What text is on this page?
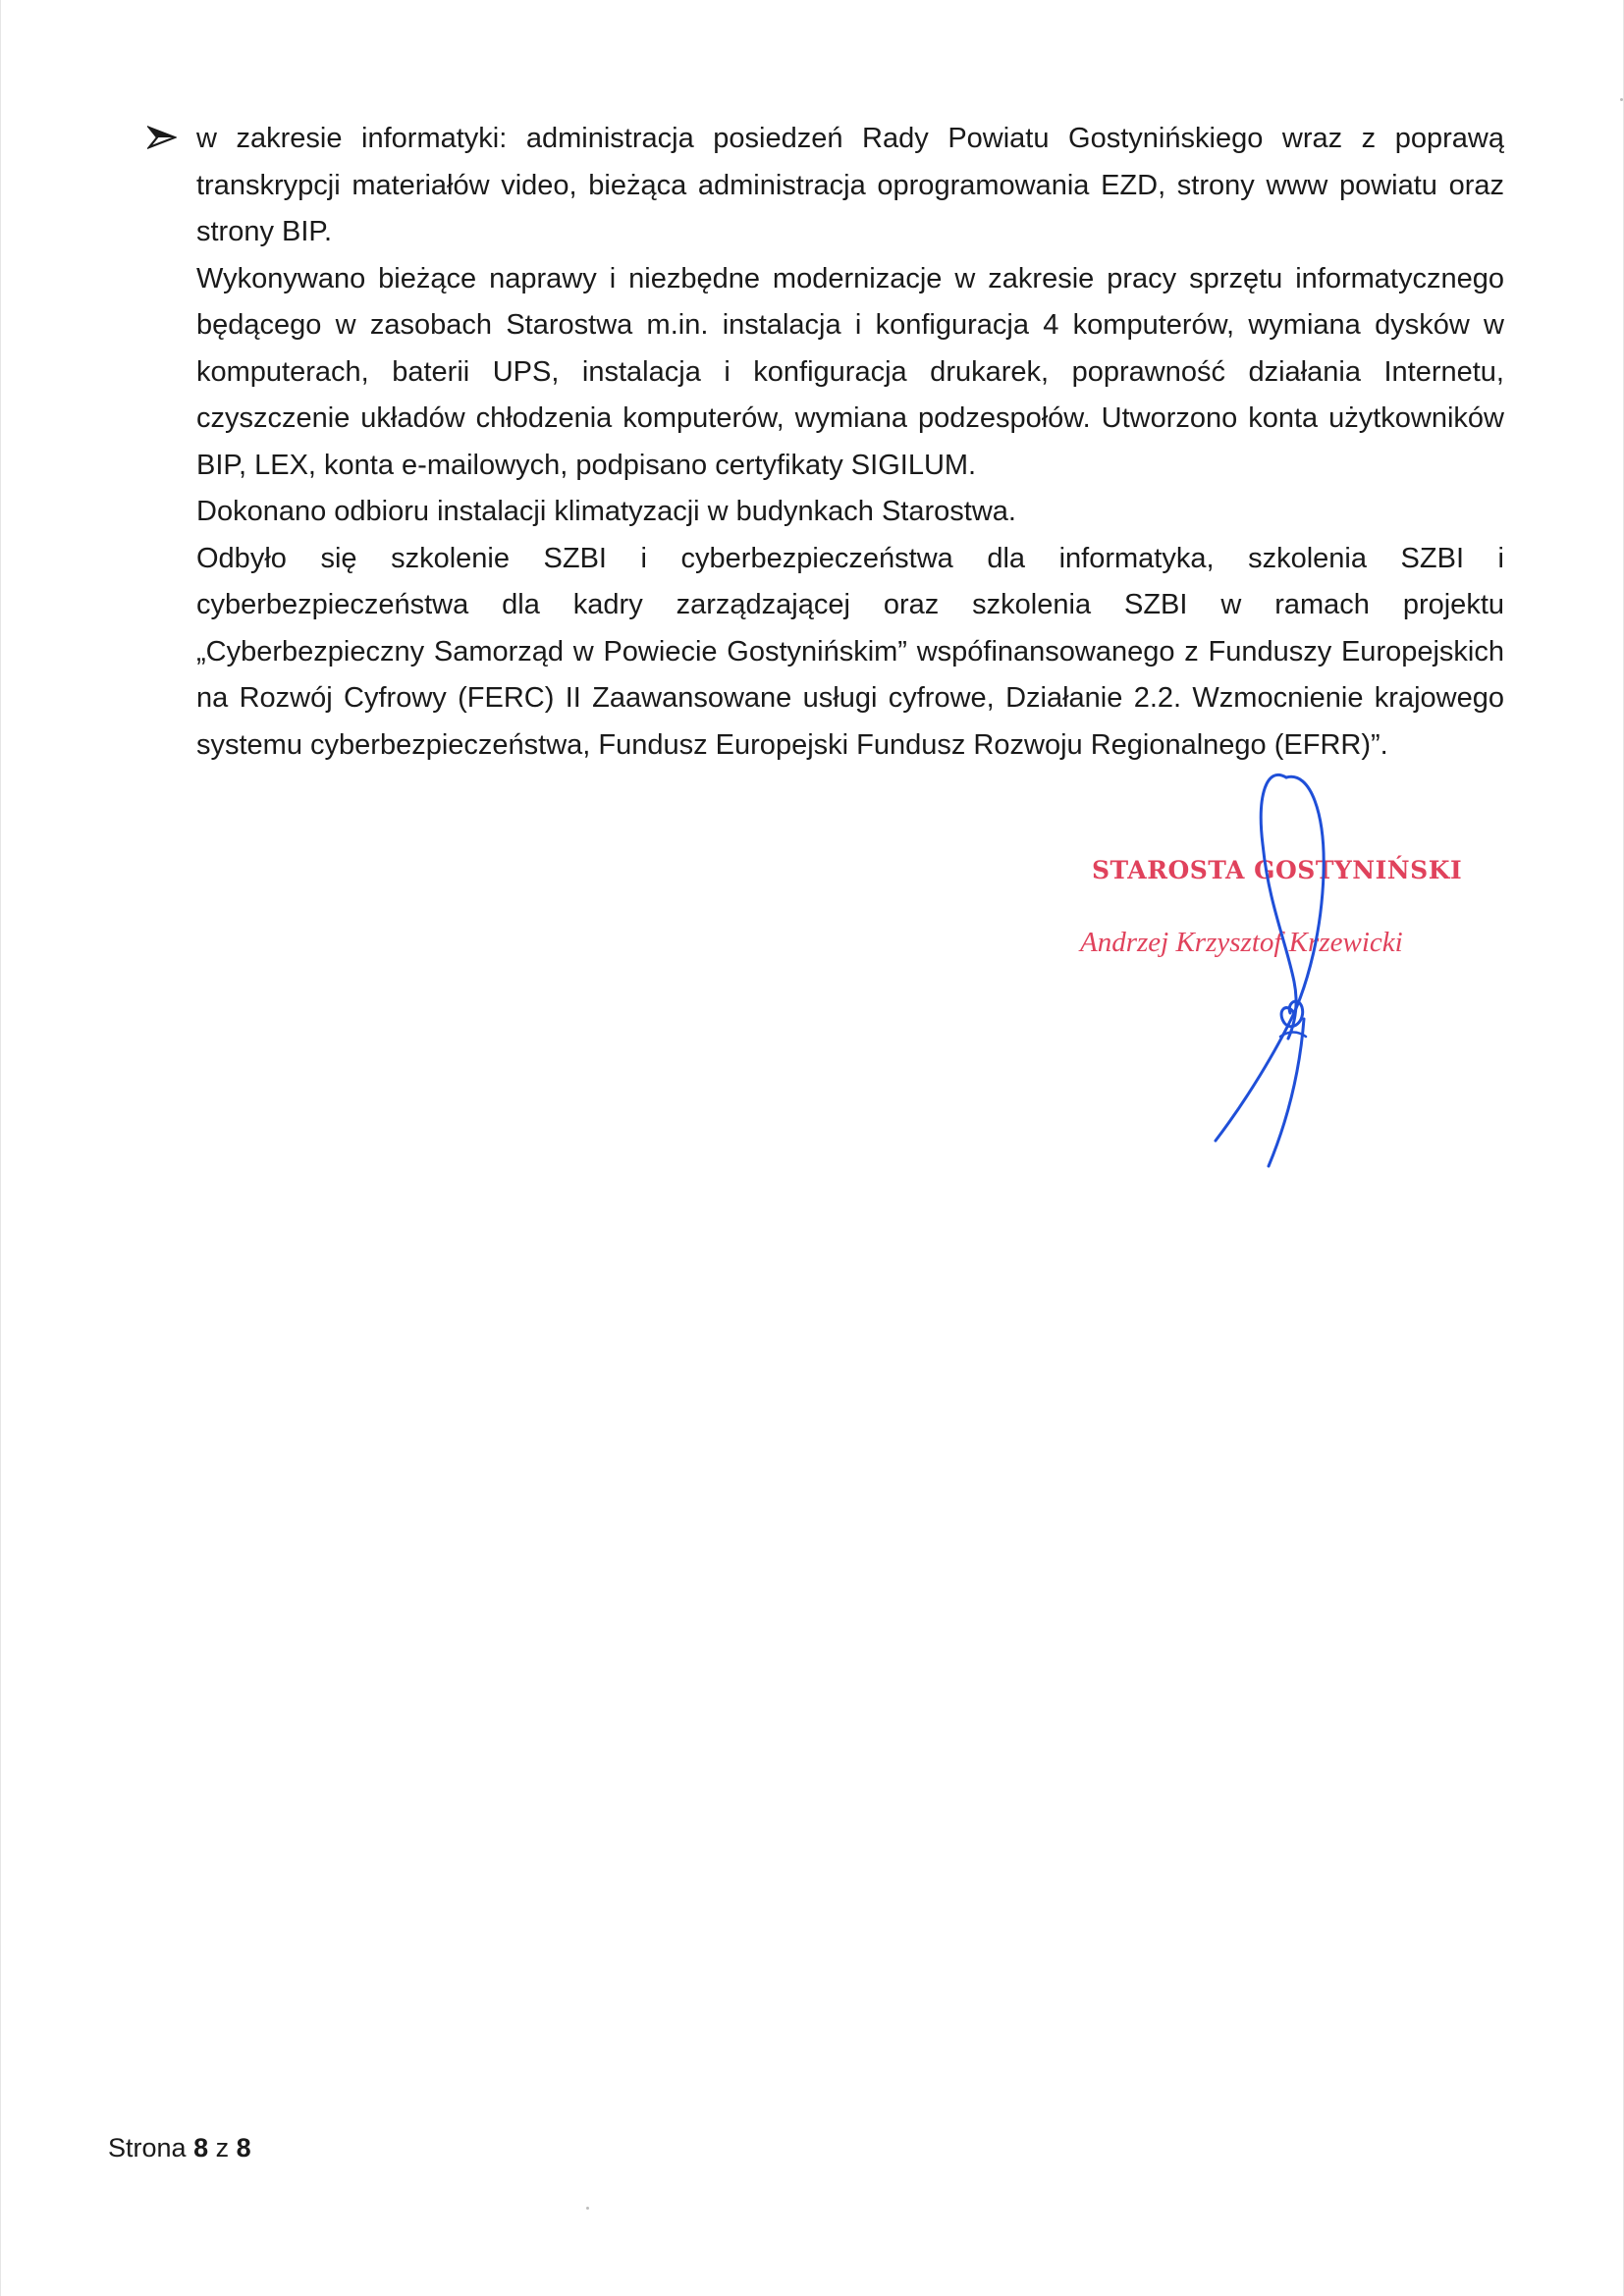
w zakresie informatyki: administracja posiedzeń Rady Powiatu Gostynińskiego wraz z poprawą transkrypcji materiałów video, bieżąca administracja oprogramowania EZD, strony www powiatu oraz strony BIP.

Wykonywano bieżące naprawy i niezbędne modernizacje w zakresie pracy sprzętu informatycznego będącego w zasobach Starostwa m.in. instalacja i konfiguracja 4 komputerów, wymiana dysków w komputerach, baterii UPS, instalacja i konfiguracja drukarek, poprawność działania Internetu, czyszczenie układów chłodzenia komputerów, wymiana podzespołów. Utworzono konta użytkowników BIP, LEX, konta e-mailowych, podpisano certyfikaty SIGILUM.

Dokonano odbioru instalacji klimatyzacji w budynkach Starostwa.

Odbyło się szkolenie SZBI i cyberbezpieczeństwa dla informatyka, szkolenia SZBI i cyberbezpieczeństwa dla kadry zarządzającej oraz szkolenia SZBI w ramach projektu „Cyberbezpieczny Samorząd w Powiecie Gostynińskim” wspófinansowanego z Funduszy Europejskich na Rozwój Cyfrowy (FERC) II Zaawansowane usługi cyfrowe, Działanie 2.2. Wzmocnienie krajowego systemu cyberbezpieczeństwa, Fundusz Europejski Fundusz Rozwoju Regionalnego (EFRR)”.

STAROSTA GOSTYNIŃSKI
Andrzej Krzysztof Krzewicki
Strona 8 z 8
